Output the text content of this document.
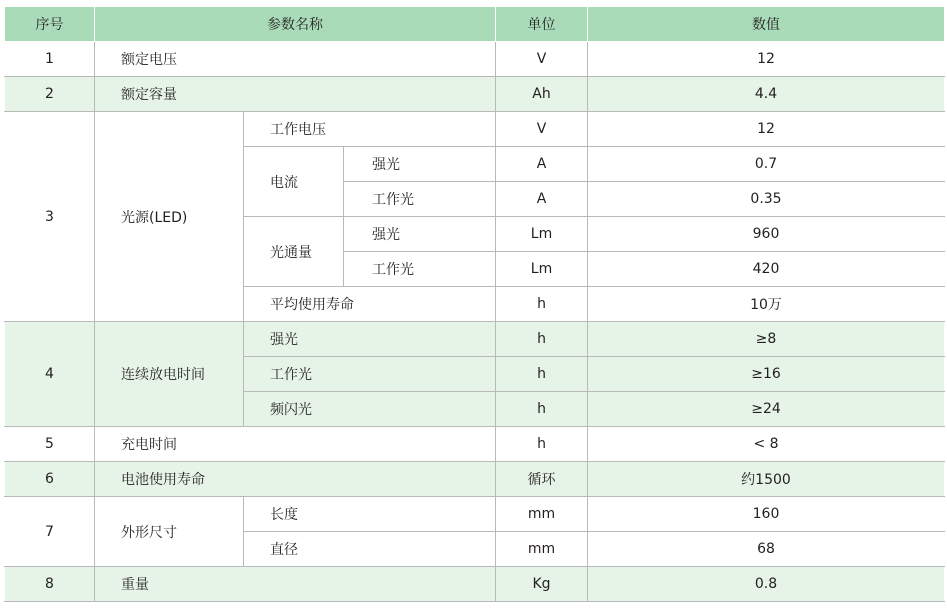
序号	参数名称			单位	数值
1	额定电压			V	12
2	额定容量			Ah	4.4
3	光源(LED)	工作电压		V	12
		电流	强光	A	0.7
			工作光	A	0.35
		光通量	强光	Lm	960
			工作光	Lm	420
		平均使用寿命		h	10万
4	连续放电时间	强光		h	≥8
		工作光		h	≥16
		频闪光		h	≥24
5	充电时间			h	< 8
6	电池使用寿命			循环	约1500
7	外形尺寸	长度		mm	160
		直径		mm	68
8	重量			Kg	0.8
